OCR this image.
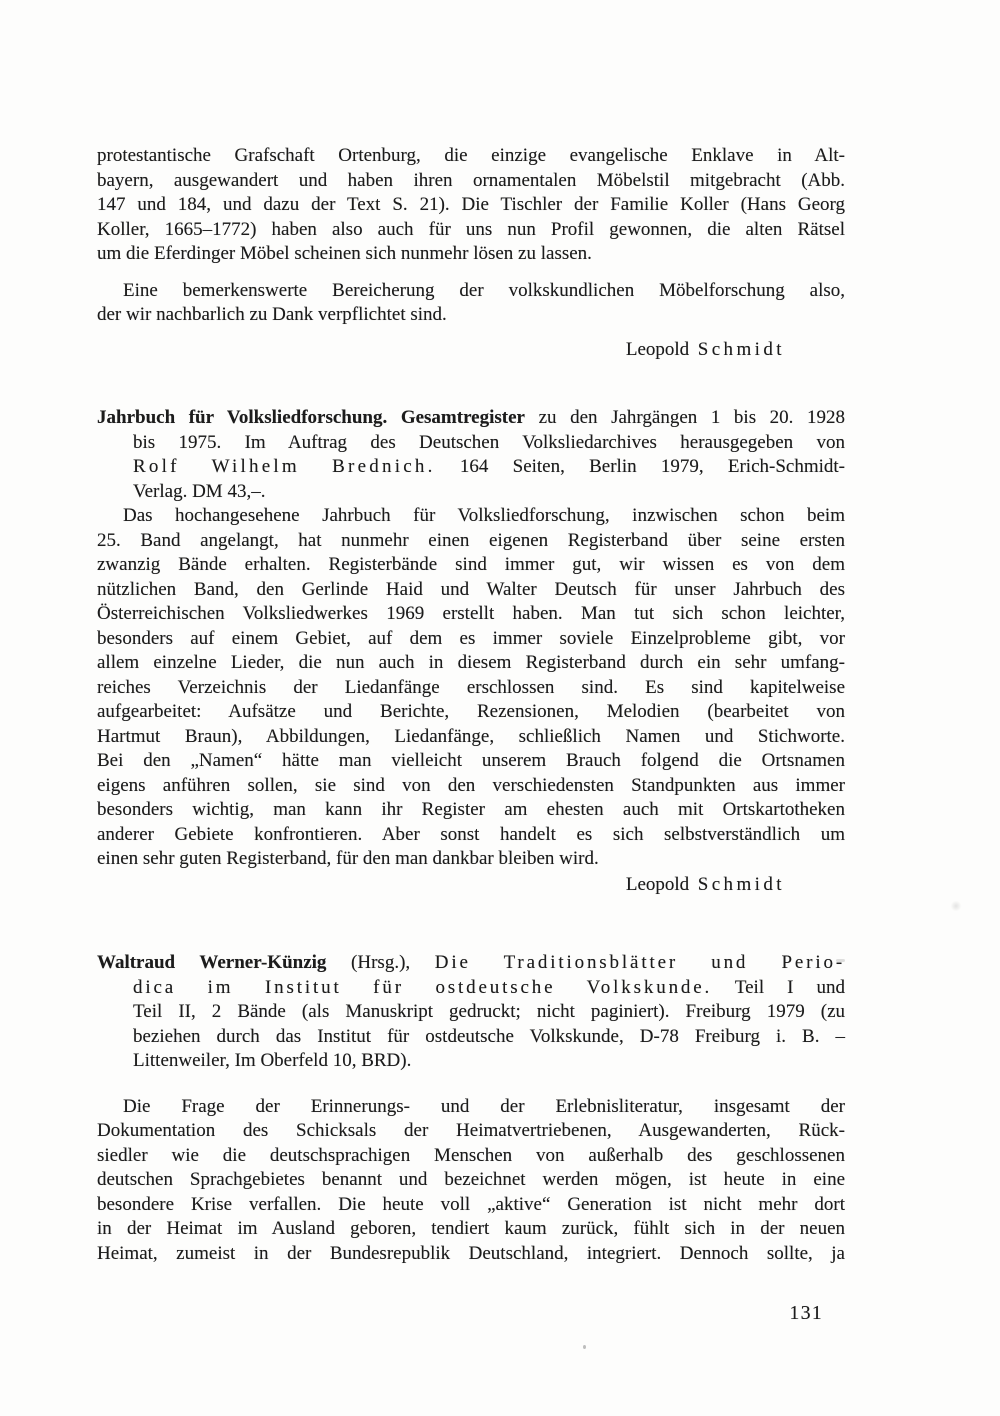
protestantische Grafschaft Ortenburg, die einzige evangelische Enklave in Alt-
bayern, ausgewandert und haben ihren ornamentalen Möbelstil mitgebracht (Abb.
147 und 184, und dazu der Text S. 21). Die Tischler der Familie Koller (Hans Georg
Koller, 1665–1772) haben also auch für uns nun Profil gewonnen, die alten Rätsel
um die Eferdinger Möbel scheinen sich nunmehr lösen zu lassen.
Eine bemerkenswerte Bereicherung der volkskundlichen Möbelforschung also,
der wir nachbarlich zu Dank verpflichtet sind.
Leopold Schmidt
Jahrbuch für Volksliedforschung. Gesamtregister zu den Jahrgängen 1 bis 20. 1928
bis 1975. Im Auftrag des Deutschen Volksliedarchives herausgegeben von
Rolf Wilhelm Brednich. 164 Seiten, Berlin 1979, Erich-Schmidt-
Verlag. DM 43,–.
Das hochangesehene Jahrbuch für Volksliedforschung, inzwischen schon beim
25. Band angelangt, hat nunmehr einen eigenen Registerband über seine ersten
zwanzig Bände erhalten. Registerbände sind immer gut, wir wissen es von dem
nützlichen Band, den Gerlinde Haid und Walter Deutsch für unser Jahrbuch des
Österreichischen Volksliedwerkes 1969 erstellt haben. Man tut sich schon leichter,
besonders auf einem Gebiet, auf dem es immer soviele Einzelprobleme gibt, vor
allem einzelne Lieder, die nun auch in diesem Registerband durch ein sehr umfang-
reiches Verzeichnis der Liedanfänge erschlossen sind. Es sind kapitelweise
aufgearbeitet: Aufsätze und Berichte, Rezensionen, Melodien (bearbeitet von
Hartmut Braun), Abbildungen, Liedanfänge, schließlich Namen und Stichworte.
Bei den „Namen“ hätte man vielleicht unserem Brauch folgend die Ortsnamen
eigens anführen sollen, sie sind von den verschiedensten Standpunkten aus immer
besonders wichtig, man kann ihr Register am ehesten auch mit Ortskartotheken
anderer Gebiete konfrontieren. Aber sonst handelt es sich selbstverständlich um
einen sehr guten Registerband, für den man dankbar bleiben wird.
Leopold Schmidt
Waltraud Werner-Künzig (Hrsg.), Die Traditionsblätter und Perio-
dica im Institut für ostdeutsche Volkskunde. Teil I und
Teil II, 2 Bände (als Manuskript gedruckt; nicht paginiert). Freiburg 1979 (zu
beziehen durch das Institut für ostdeutsche Volkskunde, D-78 Freiburg i. B. –
Littenweiler, Im Oberfeld 10, BRD).
Die Frage der Erinnerungs- und der Erlebnisliteratur, insgesamt der
Dokumentation des Schicksals der Heimatvertriebenen, Ausgewanderten, Rück-
siedler wie die deutschsprachigen Menschen von außerhalb des geschlossenen
deutschen Sprachgebietes benannt und bezeichnet werden mögen, ist heute in eine
besondere Krise verfallen. Die heute voll „aktive“ Generation ist nicht mehr dort
in der Heimat im Ausland geboren, tendiert kaum zurück, fühlt sich in der neuen
Heimat, zumeist in der Bundesrepublik Deutschland, integriert. Dennoch sollte, ja
131
